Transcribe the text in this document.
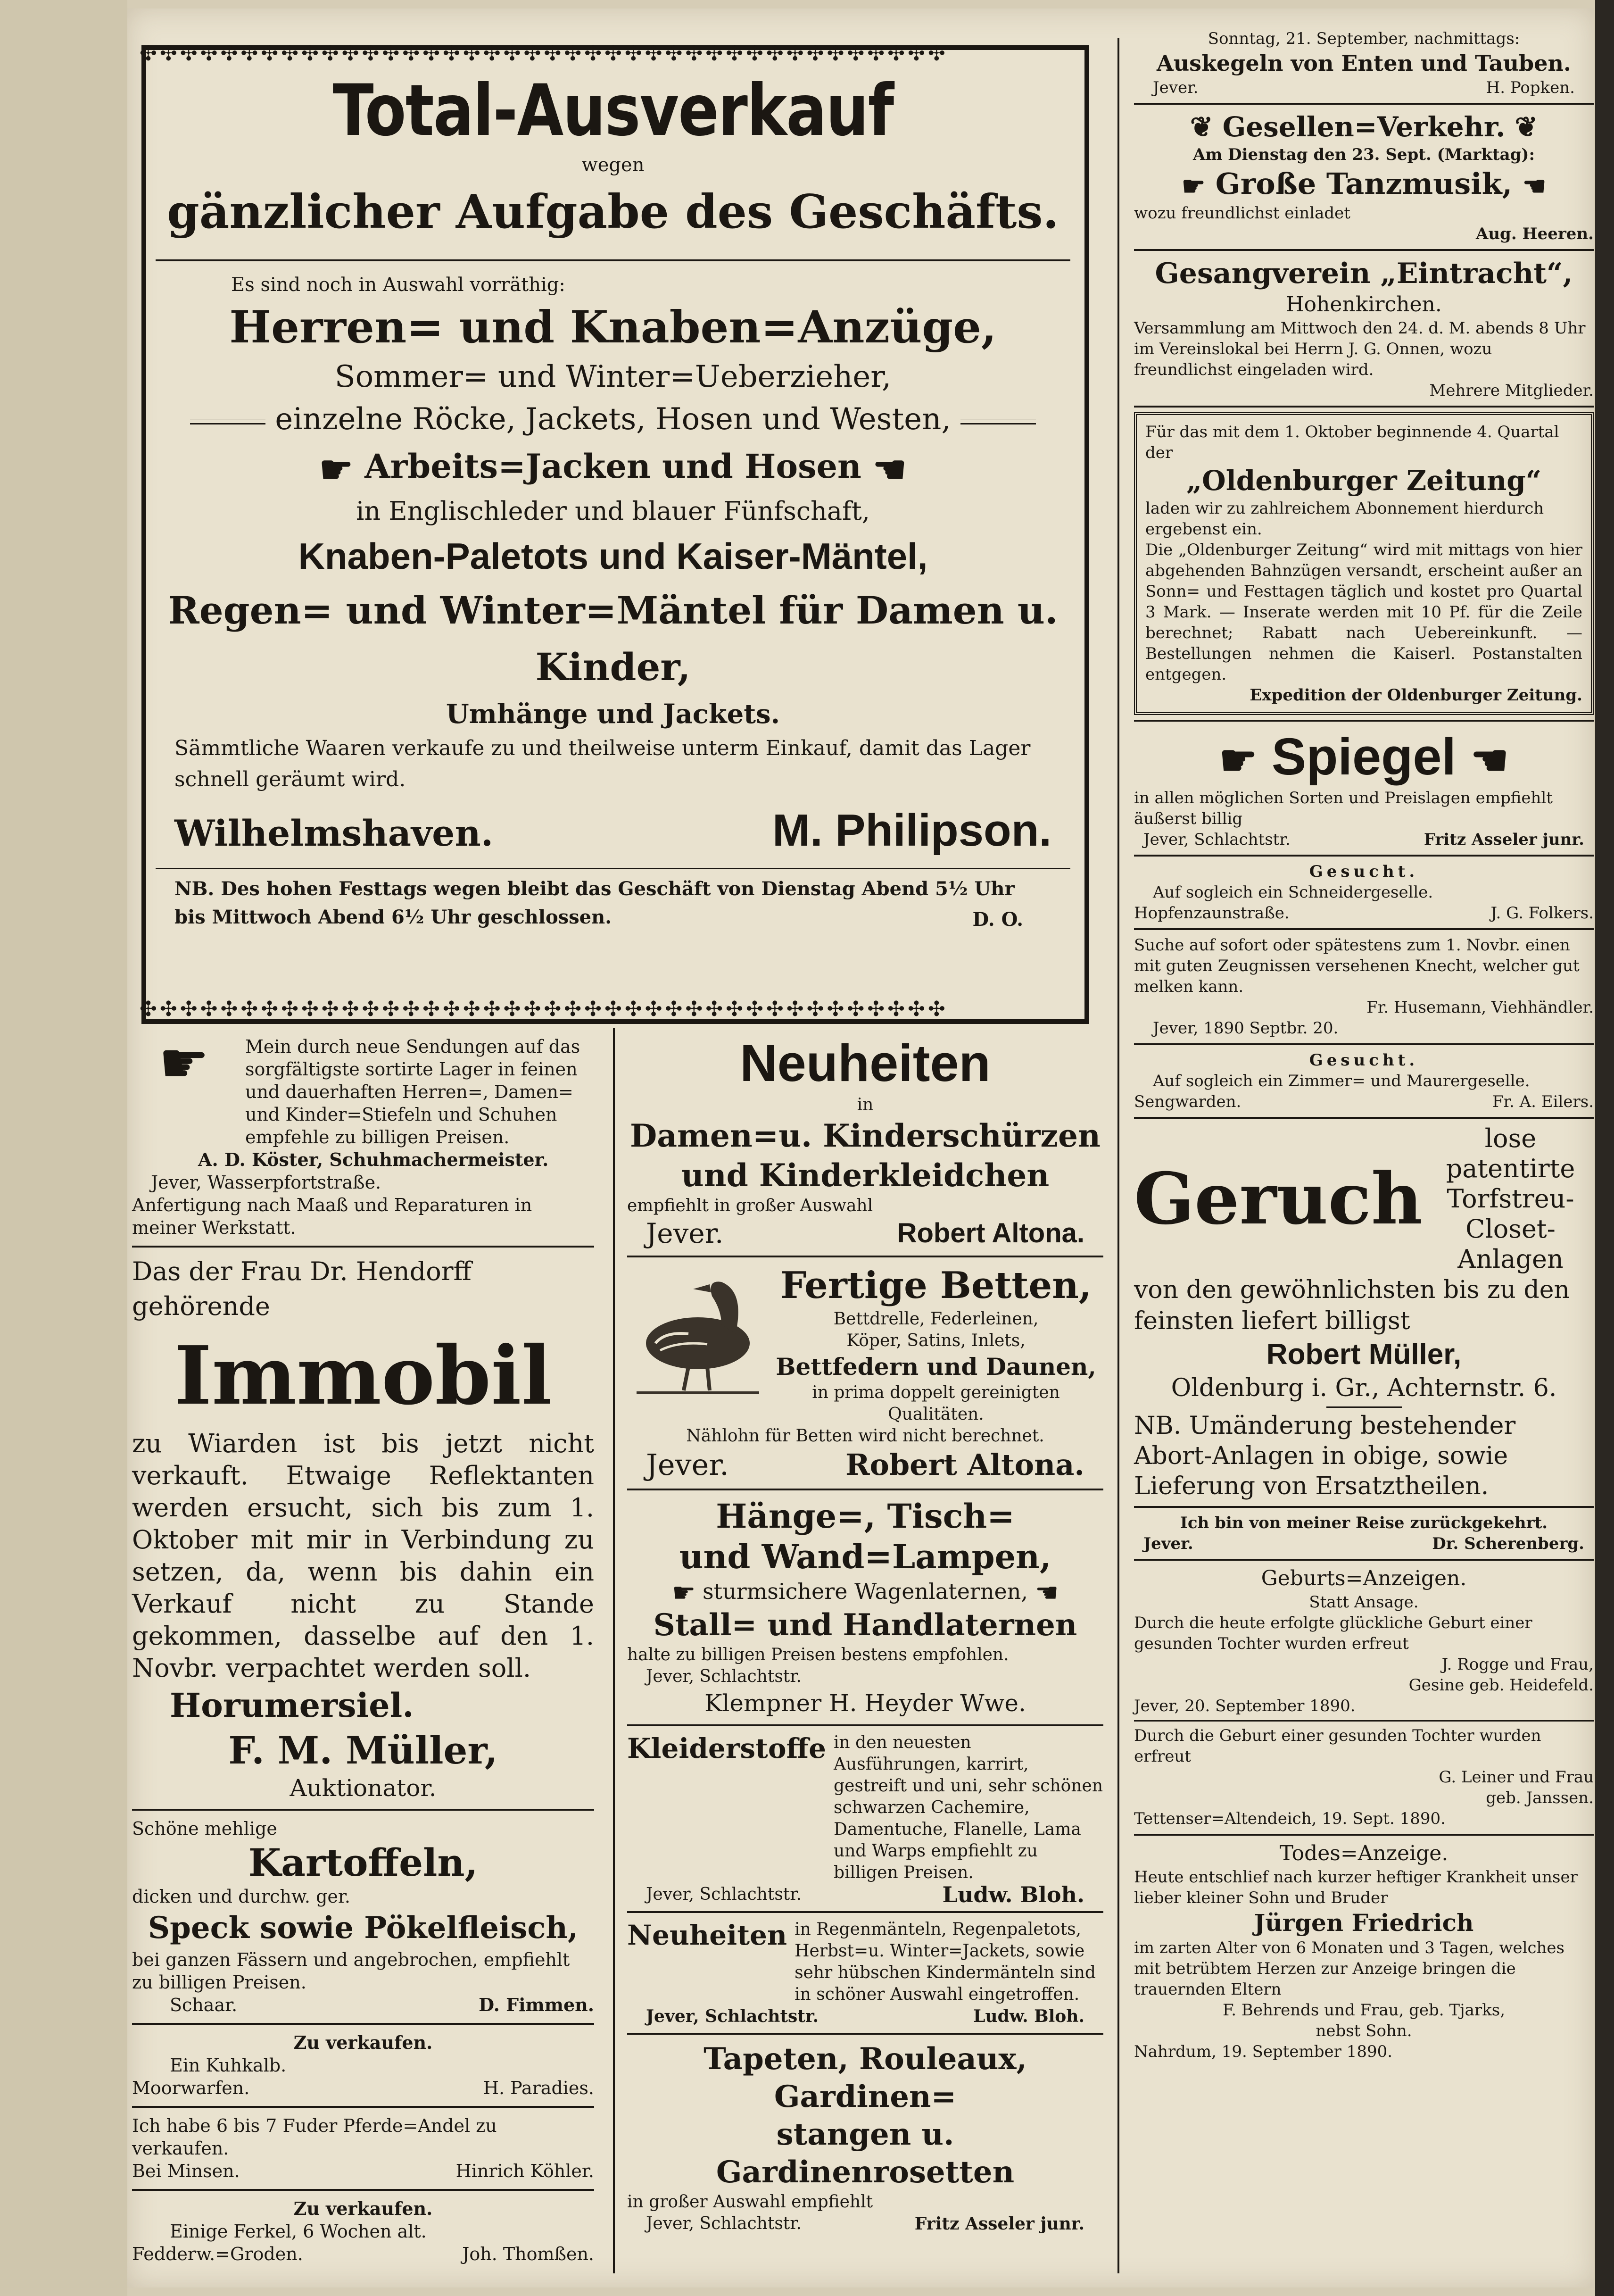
✣✣✣✣✣✣✣✣✣✣✣✣✣✣✣✣✣✣✣✣✣✣✣✣✣✣✣✣✣✣✣✣✣✣✣✣✣✣✣✣
✣✣✣✣✣✣✣✣✣✣✣✣✣✣✣✣✣✣✣✣✣✣✣✣✣✣✣✣✣✣✣✣✣✣✣✣✣✣✣✣
Total-Ausverkauf
wegen
gänzlicher Aufgabe des Geschäfts.
Es sind noch in Auswahl vorräthig:
Herren= und Knaben=Anzüge,
Sommer= und Winter=Ueberzieher,
einzelne Röcke, Jackets, Hosen und Westen,
☛ Arbeits=Jacken und Hosen ☛
in Englischleder und blauer Fünfschaft,
Knaben-Paletots und Kaiser-Mäntel,
Regen= und Winter=Mäntel für Damen u. Kinder,
Umhänge und Jackets.
Sämmtliche Waaren verkaufe zu und theilweise unterm Einkauf, damit das Lager schnell geräumt wird.
Wilhelmshaven.	M. Philipson.
NB. Des hohen Festtags wegen bleibt das Geschäft von Dienstag Abend 5½ Uhr bis Mittwoch Abend 6½ Uhr geschlossen.	D. O.
☛	Mein durch neue Sendungen auf das sorgfältigste sortirte Lager in feinen und dauerhaften Herren=, Damen= und Kinder=Stiefeln und Schuhen empfehle zu billigen Preisen.
A. D. Köster, Schuhmachermeister.
Jever, Wasserpfortstraße.
Anfertigung nach Maaß und Reparaturen in meiner Werkstatt.
Das der Frau Dr. Hendorff gehörende
Immobil
zu Wiarden ist bis jetzt nicht verkauft. Etwaige Reflektanten werden ersucht, sich bis zum 1. Oktober mit mir in Verbindung zu setzen, da, wenn bis dahin ein Verkauf nicht zu Stande gekommen, dasselbe auf den 1. Novbr. verpachtet werden soll.
Horumersiel.
F. M. Müller,
Auktionator.
Schöne mehlige
Kartoffeln,
dicken und durchw. ger.
Speck sowie Pökelfleisch,
bei ganzen Fässern und angebrochen, empfiehlt zu billigen Preisen.
Schaar.	D. Fimmen.
Zu verkaufen.
Ein Kuhkalb.
Moorwarfen.	H. Paradies.
Ich habe 6 bis 7 Fuder Pferde=Andel zu verkaufen.
Bei Minsen.	Hinrich Köhler.
Zu verkaufen.
Einige Ferkel, 6 Wochen alt.
Fedderw.=Groden.	Joh. Thomßen.
Neuheiten
in
Damen=u. Kinderschürzen
und Kinderkleidchen
empfiehlt in großer Auswahl
Jever.	Robert Altona.
Fertige Betten,
Bettdrelle, Federleinen,
Köper, Satins, Inlets,
Bettfedern und Daunen,
in prima doppelt gereinigten Qualitäten.
Nählohn für Betten wird nicht berechnet.
Jever.	Robert Altona.
Hänge=, Tisch=
und Wand=Lampen,
☛ sturmsichere Wagenlaternen, ☛
Stall= und Handlaternen
halte zu billigen Preisen bestens empfohlen.
Jever, Schlachtstr.
Klempner H. Heyder Wwe.
Kleiderstoffe in den neuesten Ausführungen, karrirt, gestreift und uni, sehr schönen schwarzen Cachemire, Damentuche, Flanelle, Lama und Warps empfiehlt zu billigen Preisen.
Jever, Schlachtstr.	Ludw. Bloh.
Neuheiten in Regenmänteln, Regenpaletots, Herbst=u. Winter=Jackets, sowie sehr hübschen Kindermänteln sind in schöner Auswahl eingetroffen.
Jever, Schlachtstr.	Ludw. Bloh.
Tapeten, Rouleaux, Gardinen=
stangen u. Gardinenrosetten
in großer Auswahl empfiehlt
Jever, Schlachtstr.	Fritz Asseler junr.
Sonntag, 21. September, nachmittags:
Auskegeln von Enten und Tauben.
Jever.	H. Popken.
❦ Gesellen=Verkehr. ❦
Am Dienstag den 23. Sept. (Marktag):
☛ Große Tanzmusik, ☛
wozu freundlichst einladet
Aug. Heeren.
Gesangverein „Eintracht“,
Hohenkirchen.
Versammlung am Mittwoch den 24. d. M. abends 8 Uhr im Vereinslokal bei Herrn J. G. Onnen, wozu freundlichst eingeladen wird.
Mehrere Mitglieder.
Für das mit dem 1. Oktober beginnende 4. Quartal der
„Oldenburger Zeitung“
laden wir zu zahlreichem Abonnement hierdurch ergebenst ein.
Die „Oldenburger Zeitung“ wird mit mittags von hier abgehenden Bahnzügen versandt, erscheint außer an Sonn= und Festtagen täglich und kostet pro Quartal 3 Mark. — Inserate werden mit 10 Pf. für die Zeile berechnet; Rabatt nach Uebereinkunft. — Bestellungen nehmen die Kaiserl. Postanstalten entgegen.
Expedition der Oldenburger Zeitung.
☛ Spiegel ☛
in allen möglichen Sorten und Preislagen empfiehlt äußerst billig
Jever, Schlachtstr.	Fritz Asseler junr.
Gesucht.
Auf sogleich ein Schneidergeselle.
Hopfenzaunstraße.	J. G. Folkers.
Suche auf sofort oder spätestens zum 1. Novbr. einen mit guten Zeugnissen versehenen Knecht, welcher gut melken kann.
Fr. Husemann, Viehhändler.
Jever, 1890 Septbr. 20.
Gesucht.
Auf sogleich ein Zimmer= und Maurergeselle.
Sengwarden.	Fr. A. Eilers.
Geruch
lose patentirte Torfstreu-Closet-Anlagen
von den gewöhnlichsten bis zu den feinsten liefert billigst
Robert Müller,
Oldenburg i. Gr., Achternstr. 6.
NB. Umänderung bestehender Abort-Anlagen in obige, sowie Lieferung von Ersatztheilen.
Ich bin von meiner Reise zurückgekehrt.
Jever.	Dr. Scherenberg.
Geburts=Anzeigen.
Statt Ansage.
Durch die heute erfolgte glückliche Geburt einer gesunden Tochter wurden erfreut
J. Rogge und Frau,
Gesine geb. Heidefeld.
Jever, 20. September 1890.
Durch die Geburt einer gesunden Tochter wurden erfreut
G. Leiner und Frau
geb. Janssen.
Tettenser=Altendeich, 19. Sept. 1890.
Todes=Anzeige.
Heute entschlief nach kurzer heftiger Krankheit unser lieber kleiner Sohn und Bruder
Jürgen Friedrich
im zarten Alter von 6 Monaten und 3 Tagen, welches mit betrübtem Herzen zur Anzeige bringen die trauernden Eltern
F. Behrends und Frau, geb. Tjarks,
nebst Sohn.
Nahrdum, 19. September 1890.
